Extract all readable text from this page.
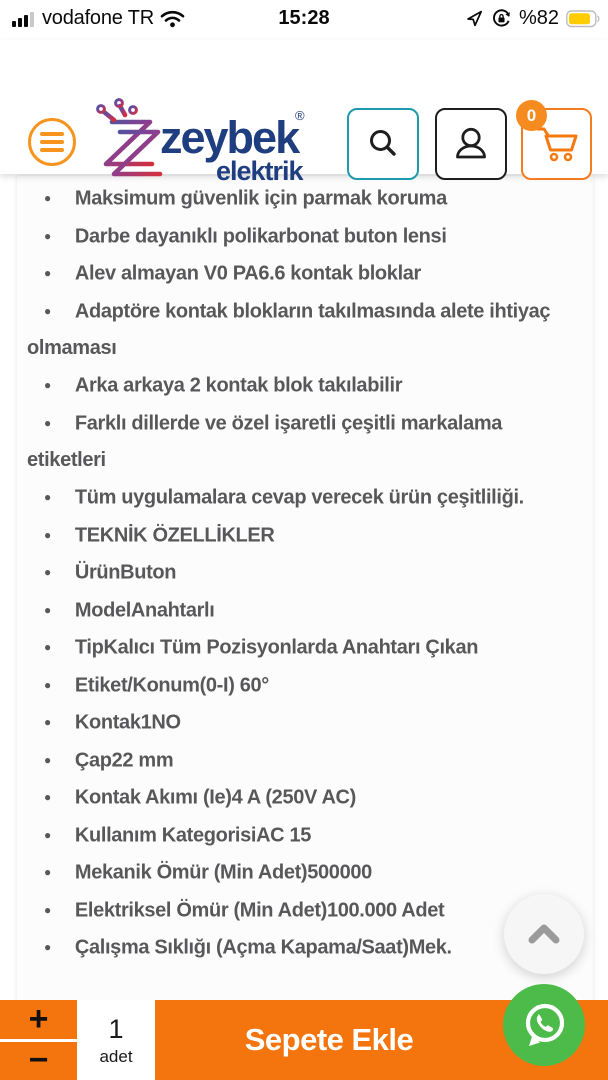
vodafone TR	15:28	%82
zeybek
®
elektrik
0
● Maksimum güvenlik için parmak koruma
● Darbe dayanıklı polikarbonat buton lensi
● Alev almayan V0 PA6.6 kontak bloklar
● Adaptöre kontak blokların takılmasında alete ihtiyaç olmaması
● Arka arkaya 2 kontak blok takılabilir
● Farklı dillerde ve özel işaretli çeşitli markalama etiketleri
● Tüm uygulamalara cevap verecek ürün çeşitliliği.
● TEKNİK ÖZELLİKLER
● ÜrünButon
● ModelAnahtarlı
● TipKalıcı Tüm Pozisyonlarda Anahtarı Çıkan
● Etiket/Konum(0-I) 60°
● Kontak1NO
● Çap22 mm
● Kontak Akımı (Ie)4 A (250V AC)
● Kullanım KategorisiAC 15
● Mekanik Ömür (Min Adet)500000
● Elektriksel Ömür (Min Adet)100.000 Adet
● Çalışma Sıklığı (Açma Kapama/Saat)Mek.
+
−
1
adet	Sepete Ekle
